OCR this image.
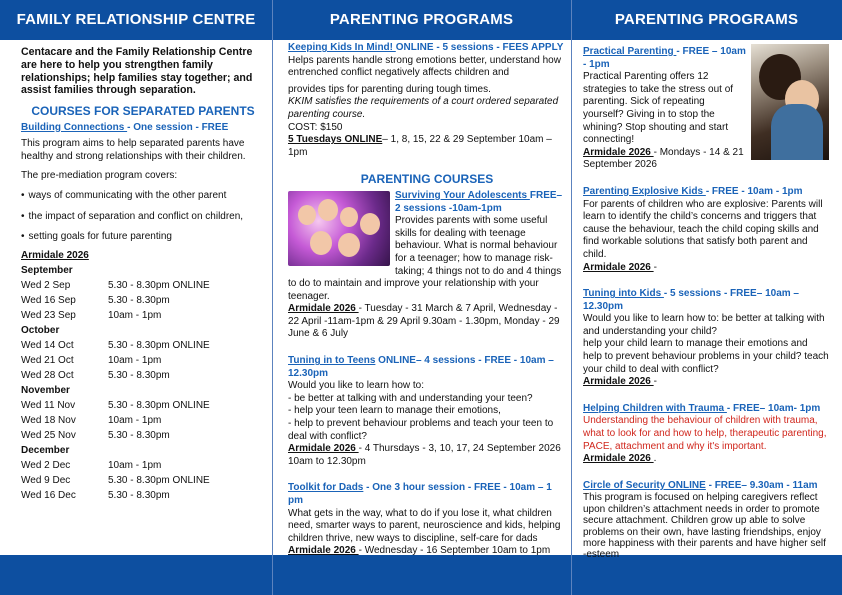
FAMILY RELATIONSHIP CENTRE	PARENTING PROGRAMS	PARENTING PROGRAMS

Centacare and the Family Relationship Centre are here to help you strengthen family relationships; help families stay together; and assist families through separation.

COURSES FOR SEPARATED PARENTS

Building Connections - One session - FREE

This program aims to help separated parents have healthy and strong relationships with their children.

The pre-mediation program covers:

• ways of communicating with the other parent

• the impact of separation and conflict on children,

• setting goals for future parenting

Armidale 2026

September
Wed 2 Sep	5.30 - 8.30pm ONLINE
Wed 16 Sep	5.30 - 8.30pm
Wed 23 Sep	10am - 1pm
October
Wed 14 Oct	5.30 - 8.30pm ONLINE
Wed 21 Oct	10am - 1pm
Wed 28 Oct	5.30 - 8.30pm
November
Wed 11 Nov	5.30 - 8.30pm ONLINE
Wed 18 Nov	10am - 1pm
Wed 25 Nov	5.30 - 8.30pm
December
Wed 2 Dec	10am - 1pm
Wed 9 Dec	5.30 - 8.30pm ONLINE
Wed 16 Dec	5.30 - 8.30pm

Keeping Kids In Mind! ONLINE - 5 sessions - FEES APPLY

Helps parents handle strong emotions better, understand how entrenched conflict negatively affects children and

provides tips for parenting during tough times.

KKIM satisfies the requirements of a court ordered separated parenting course.

COST: $150

5 Tuesdays ONLINE– 1, 8, 15, 22 & 29 September 10am –1pm

PARENTING COURSES

Surviving Your Adolescents FREE– 2 sessions -10am-1pm

Provides parents with some useful skills for dealing with teenage behaviour. What is normal behaviour for a teenager; how to manage risk-taking; 4 things not to do and 4 things to do to maintain and improve your relationship with your teenager.

Armidale 2026 - Tuesday - 31 March & 7 April, Wednesday - 22 April -11am-1pm & 29 April 9.30am - 1.30pm, Monday - 29 June & 6 July

Tuning in to Teens ONLINE– 4 sessions - FREE - 10am – 12.30pm

Would you like to learn how to:

- be better at talking with and understanding your teen?

- help your teen learn to manage their emotions,

- help to prevent behaviour problems and teach your teen to deal with conflict?

Armidale 2026 - 4 Thursdays - 3, 10, 17, 24 September 2026 10am to 12.30pm

Toolkit for Dads - One 3 hour session - FREE - 10am – 1 pm

What gets in the way, what to do if you lose it, what children need, smarter ways to parent, neuroscience and kids, helping children thrive, new ways to discipline, self-care for dads

Armidale 2026 - Wednesday - 16 September 10am to 1pm

Practical Parenting - FREE – 10am - 1pm

Practical Parenting offers 12 strategies to take the stress out of parenting. Sick of repeating yourself? Giving in to stop the whining? Stop shouting and start connecting!

Armidale 2026 - Mondays - 14 & 21 September 2026

Parenting Explosive Kids - FREE - 10am - 1pm

For parents of children who are explosive: Parents will learn to identify the child’s concerns and triggers that cause the behaviour, teach the child coping skills and find workable solutions that satisfy both parent and child.

Armidale 2026 -

Tuning into Kids - 5 sessions - FREE– 10am – 12.30pm

Would you like to learn how to: be better at talking with and understanding your child?

help your child learn to manage their emotions and help to prevent behaviour problems in your child? teach your child to deal with conflict?

Armidale 2026 -

Helping Children with Trauma - FREE– 10am- 1pm

Understanding the behaviour of children with trauma, what to look for and how to help, therapeutic parenting, PACE, attachment and why it's important.

Armidale 2026 .

Circle of Security ONLINE - FREE– 9.30am - 11am

This program is focused on helping caregivers reflect upon children’s attachment needs in order to promote secure attachment. Children grow up able to solve problems on their own, have lasting friendships, enjoy more happiness with their parents and have higher self -esteem
